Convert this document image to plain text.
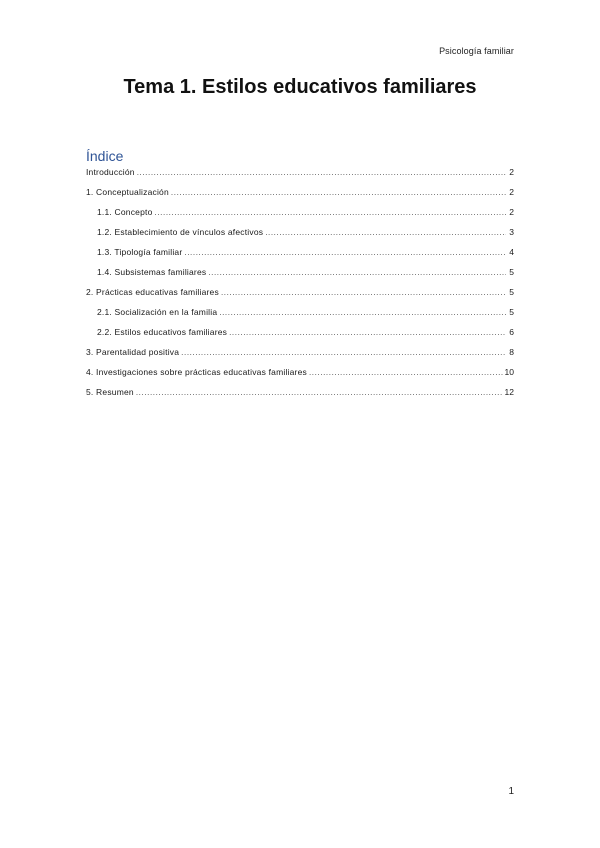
Psicología familiar
Tema 1. Estilos educativos familiares
Índice
Introducción .....	2
1. Conceptualización .....	2
1.1. Concepto .....	2
1.2. Establecimiento de vínculos afectivos .....	3
1.3. Tipología familiar .....	4
1.4. Subsistemas familiares .....	5
2. Prácticas educativas familiares .....	5
2.1. Socialización en la familia .....	5
2.2. Estilos educativos familiares .....	6
3. Parentalidad positiva .....	8
4. Investigaciones sobre prácticas educativas familiares .....	10
5. Resumen .....	12
1
